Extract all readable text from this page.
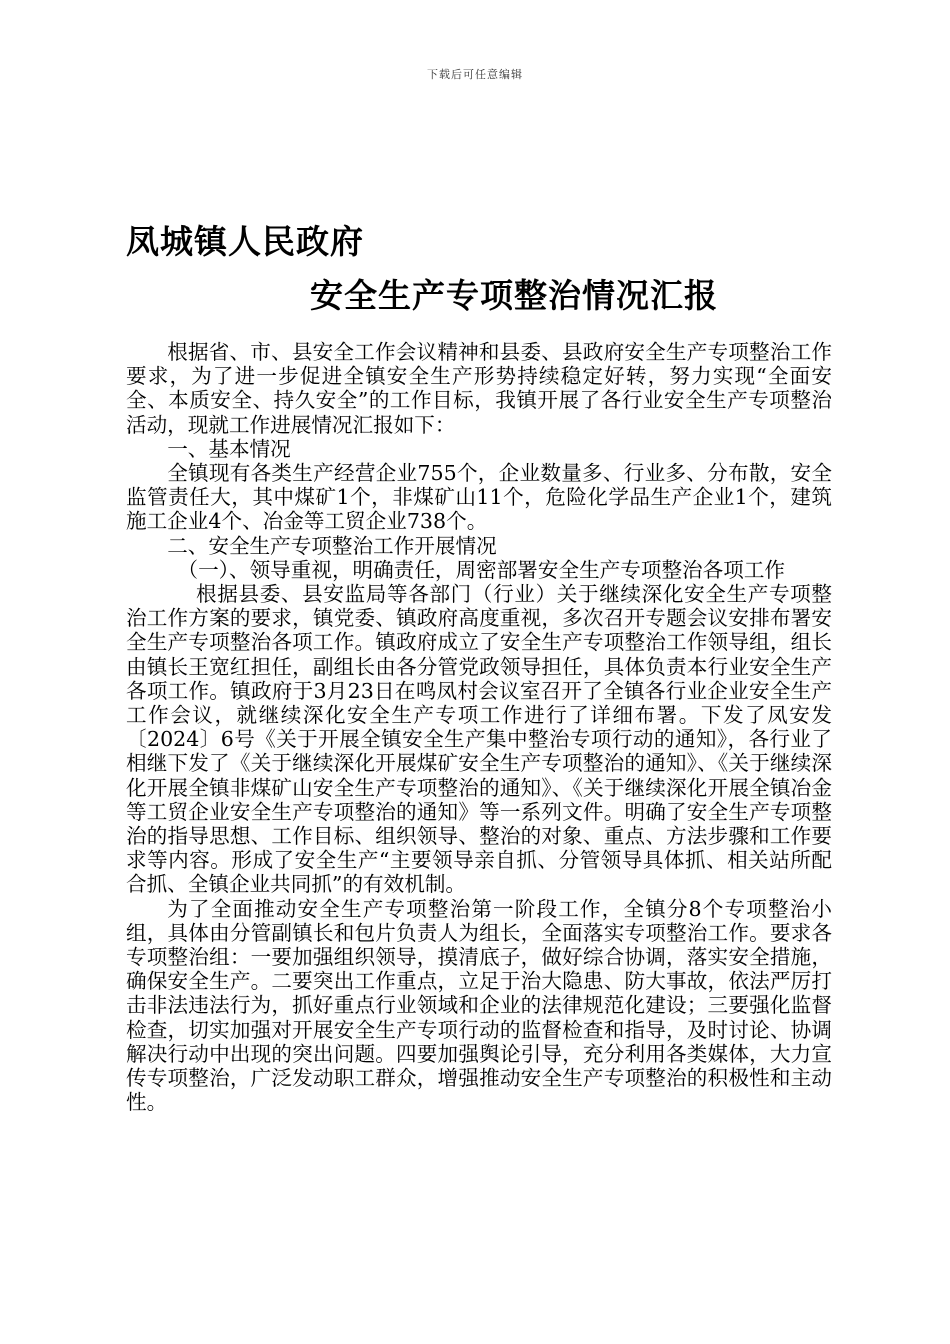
下载后可任意编辑
凤城镇人民政府
安全生产专项整治情况汇报

根据省、市、县安全工作会议精神和县委、县政府安全生产专项整治工作要求，为了进一步促进全镇安全生产形势持续稳定好转，努力实现“全面安全、本质安全、持久安全”的工作目标，我镇开展了各行业安全生产专项整治活动，现就工作进展情况汇报如下：

一、基本情况

全镇现有各类生产经营企业755个，企业数量多、行业多、分布散，安全监管责任大，其中煤矿1个，非煤矿山11个，危险化学品生产企业1个，建筑施工企业4个、冶金等工贸企业738个。

二、安全生产专项整治工作开展情况

（一）、领导重视，明确责任，周密部署安全生产专项整治各项工作

根据县委、县安监局等各部门（行业）关于继续深化安全生产专项整治工作方案的要求，镇党委、镇政府高度重视，多次召开专题会议安排布署安全生产专项整治各项工作。镇政府成立了安全生产专项整治工作领导组，组长由镇长王宽红担任，副组长由各分管党政领导担任，具体负责本行业安全生产各项工作。镇政府于3月23日在鸣凤村会议室召开了全镇各行业企业安全生产工作会议，就继续深化安全生产专项工作进行了详细布署。下发了凤安发〔2024〕6号《关于开展全镇安全生产集中整治专项行动的通知》，各行业了相继下发了《关于继续深化开展煤矿安全生产专项整治的通知》、《关于继续深化开展全镇非煤矿山安全生产专项整治的通知》、《关于继续深化开展全镇冶金等工贸企业安全生产专项整治的通知》等一系列文件。明确了安全生产专项整治的指导思想、工作目标、组织领导、整治的对象、重点、方法步骤和工作要求等内容。形成了安全生产“主要领导亲自抓、分管领导具体抓、相关站所配合抓、全镇企业共同抓”的有效机制。

为了全面推动安全生产专项整治第一阶段工作，全镇分8个专项整治小组，具体由分管副镇长和包片负责人为组长，全面落实专项整治工作。要求各专项整治组：一要加强组织领导，摸清底子，做好综合协调，落实安全措施，确保安全生产。二要突出工作重点，立足于治大隐患、防大事故，依法严厉打击非法违法行为，抓好重点行业领域和企业的法律规范化建设；三要强化监督检查，切实加强对开展安全生产专项行动的监督检查和指导，及时讨论、协调解决行动中出现的突出问题。四要加强舆论引导，充分利用各类媒体，大力宣传专项整治，广泛发动职工群众，增强推动安全生产专项整治的积极性和主动性。
